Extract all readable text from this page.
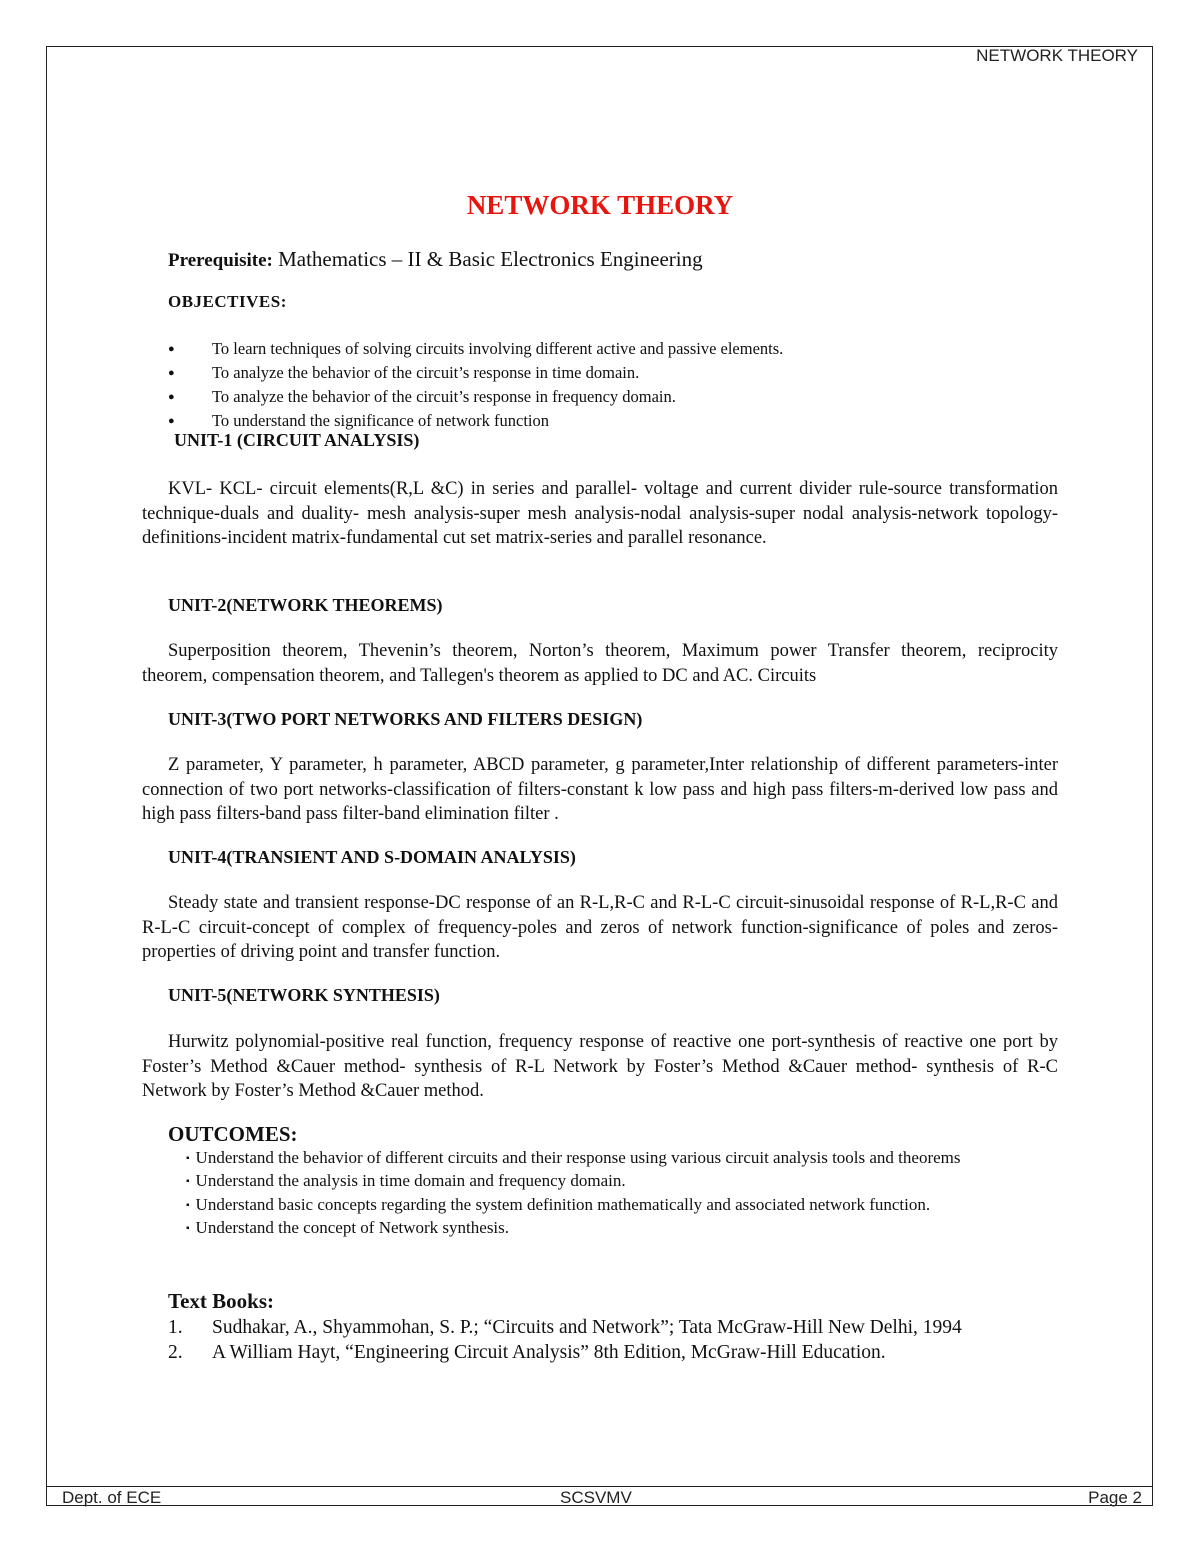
NETWORK THEORY
NETWORK THEORY
Prerequisite: Mathematics – II & Basic Electronics Engineering
OBJECTIVES:
● To learn techniques of solving circuits involving different active and passive elements.
● To analyze the behavior of the circuit’s response in time domain.
● To analyze the behavior of the circuit’s response in frequency domain.
● To understand the significance of network function
UNIT-1 (CIRCUIT ANALYSIS)
KVL- KCL- circuit elements(R,L &C) in series and parallel- voltage and current divider rule-source transformation technique-duals and duality- mesh analysis-super mesh analysis-nodal analysis-super nodal analysis-network topology-definitions-incident matrix-fundamental cut set matrix-series and parallel resonance.
UNIT-2(NETWORK THEOREMS)
Superposition theorem, Thevenin’s theorem, Norton’s theorem, Maximum power Transfer theorem, reciprocity theorem, compensation theorem, and Tallegen's theorem as applied to DC and AC. Circuits
UNIT-3(TWO PORT NETWORKS AND FILTERS DESIGN)
Z parameter, Y parameter, h parameter, ABCD parameter, g parameter,Inter relationship of different parameters-inter connection of two port networks-classification of filters-constant k low pass and high pass filters-m-derived low pass and high pass filters-band pass filter-band elimination filter .
UNIT-4(TRANSIENT AND S-DOMAIN ANALYSIS)
Steady state and transient response-DC response of an R-L,R-C and R-L-C circuit-sinusoidal response of R-L,R-C and R-L-C circuit-concept of complex of frequency-poles and zeros of network function-significance of poles and zeros-properties of driving point and transfer function.
UNIT-5(NETWORK SYNTHESIS)
Hurwitz polynomial-positive real function, frequency response of reactive one port-synthesis of reactive one port by Foster’s Method &Cauer method- synthesis of R-L Network by Foster’s Method &Cauer method- synthesis of R-C Network by Foster’s Method &Cauer method.
OUTCOMES:
▪ Understand the behavior of different circuits and their response using various circuit analysis tools and theorems
▪ Understand the analysis in time domain and frequency domain.
▪ Understand basic concepts regarding the system definition mathematically and associated network function.
▪ Understand the concept of Network synthesis.
Text Books:
1. Sudhakar, A., Shyammohan, S. P.; “Circuits and Network”; Tata McGraw-Hill New Delhi, 1994
2. A William Hayt, “Engineering Circuit Analysis” 8th Edition, McGraw-Hill Education.
Dept. of ECE	SCSVMV	Page 2
